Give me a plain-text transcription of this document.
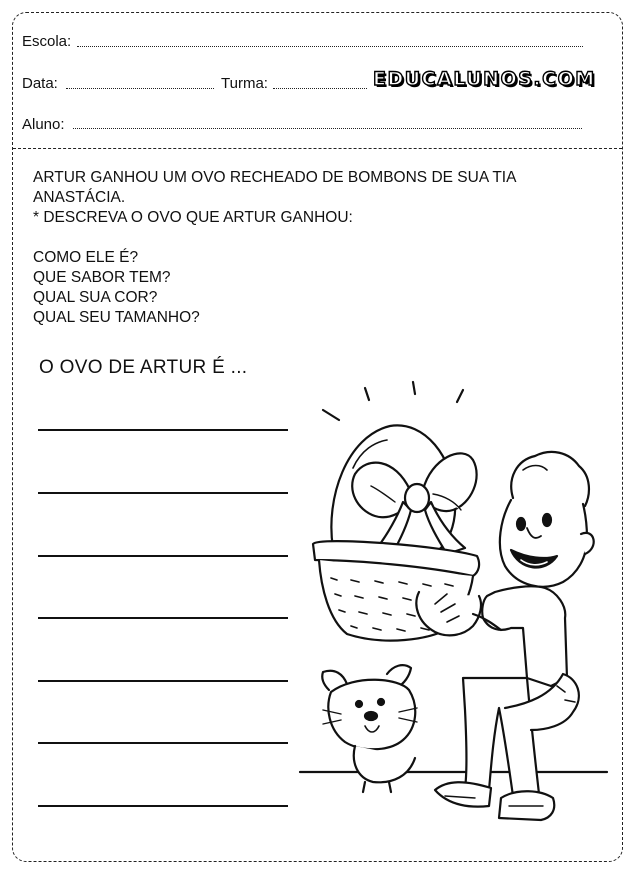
Escola:
Data:	Turma:	EDUCALUNOS.COM
Aluno:
ARTUR GANHOU UM OVO RECHEADO DE BOMBONS DE SUA TIA
ANASTÁCIA.
* DESCREVA O OVO QUE ARTUR GANHOU:
COMO ELE É?
QUE SABOR TEM?
QUAL SUA COR?
QUAL SEU TAMANHO?
O OVO DE ARTUR É ...
